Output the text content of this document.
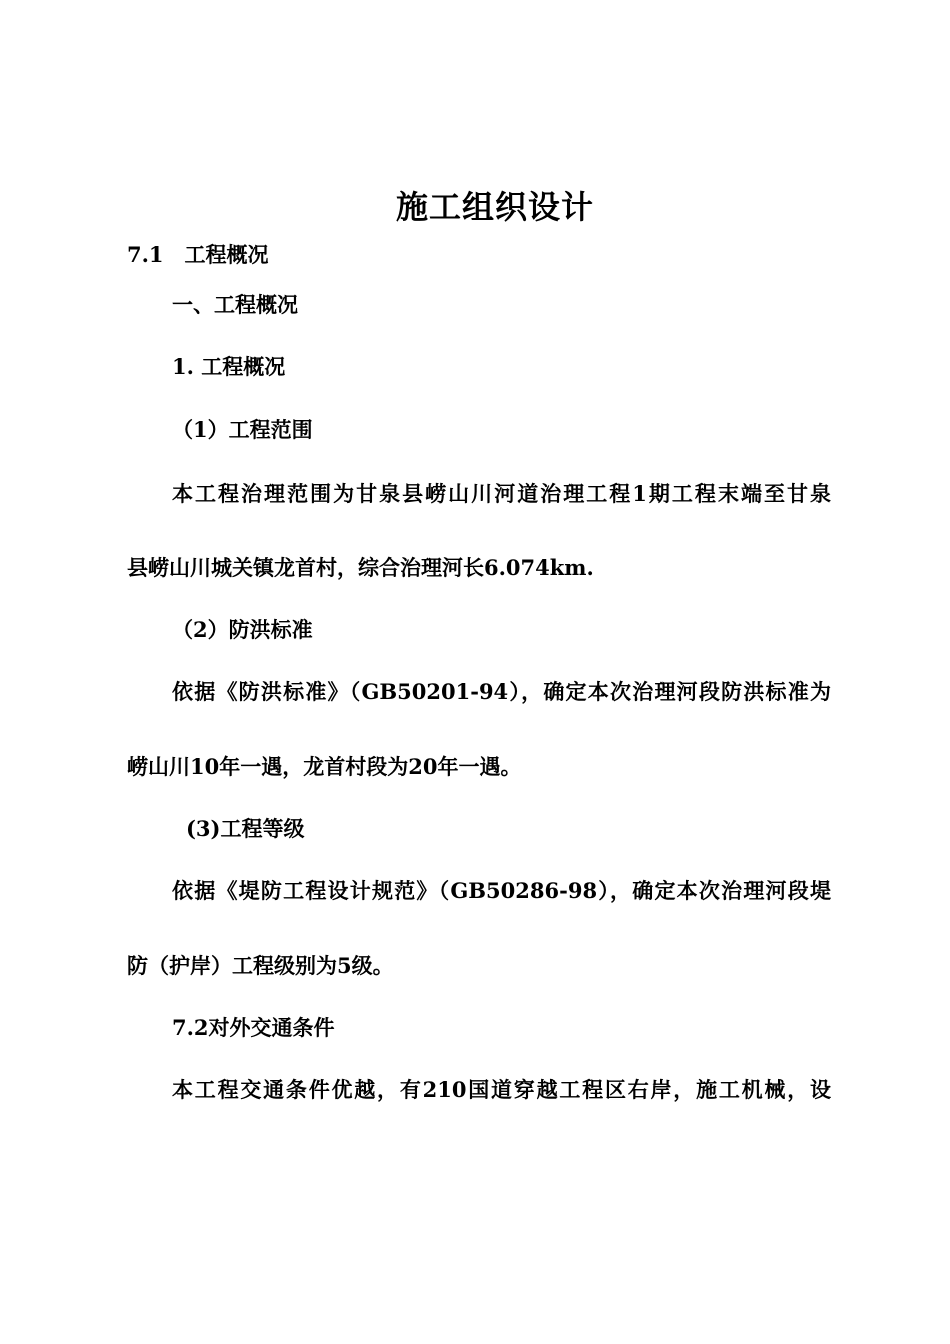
施工组织设计
7.1　工程概况
一、工程概况
1. 工程概况
（1）工程范围
本工程治理范围为甘泉县崂山川河道治理工程1期工程末端至甘泉
县崂山川城关镇龙首村，综合治理河长6.074km.
（2）防洪标准
依据《防洪标准》（GB50201-94），确定本次治理河段防洪标准为
崂山川10年一遇，龙首村段为20年一遇。
(3)工程等级
依据《堤防工程设计规范》（GB50286-98），确定本次治理河段堤
防（护岸）工程级别为5级。
7.2对外交通条件
本工程交通条件优越，有210国道穿越工程区右岸，施工机械，设
